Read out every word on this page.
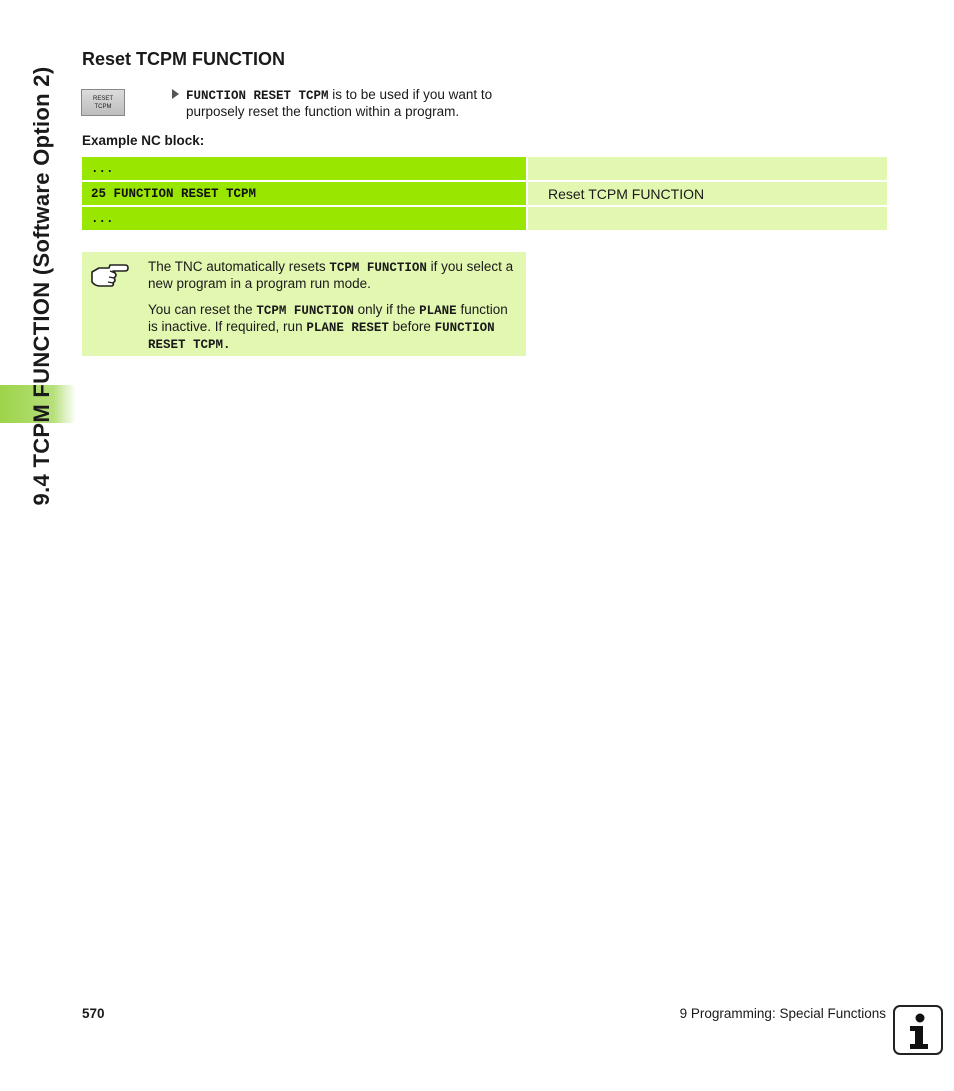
9.4 TCPM FUNCTION (Software Option 2)
Reset TCPM FUNCTION
RESET
TCPM
FUNCTION RESET TCPM is to be used if you want to purposely reset the function within a program.
Example NC block:
...
25 FUNCTION RESET TCPM	Reset TCPM FUNCTION
...

The TNC automatically resets TCPM FUNCTION if you select a new program in a program run mode.

You can reset the TCPM FUNCTION only if the PLANE function is inactive. If required, run PLANE RESET before FUNCTION RESET TCPM.

570	9 Programming: Special Functions
